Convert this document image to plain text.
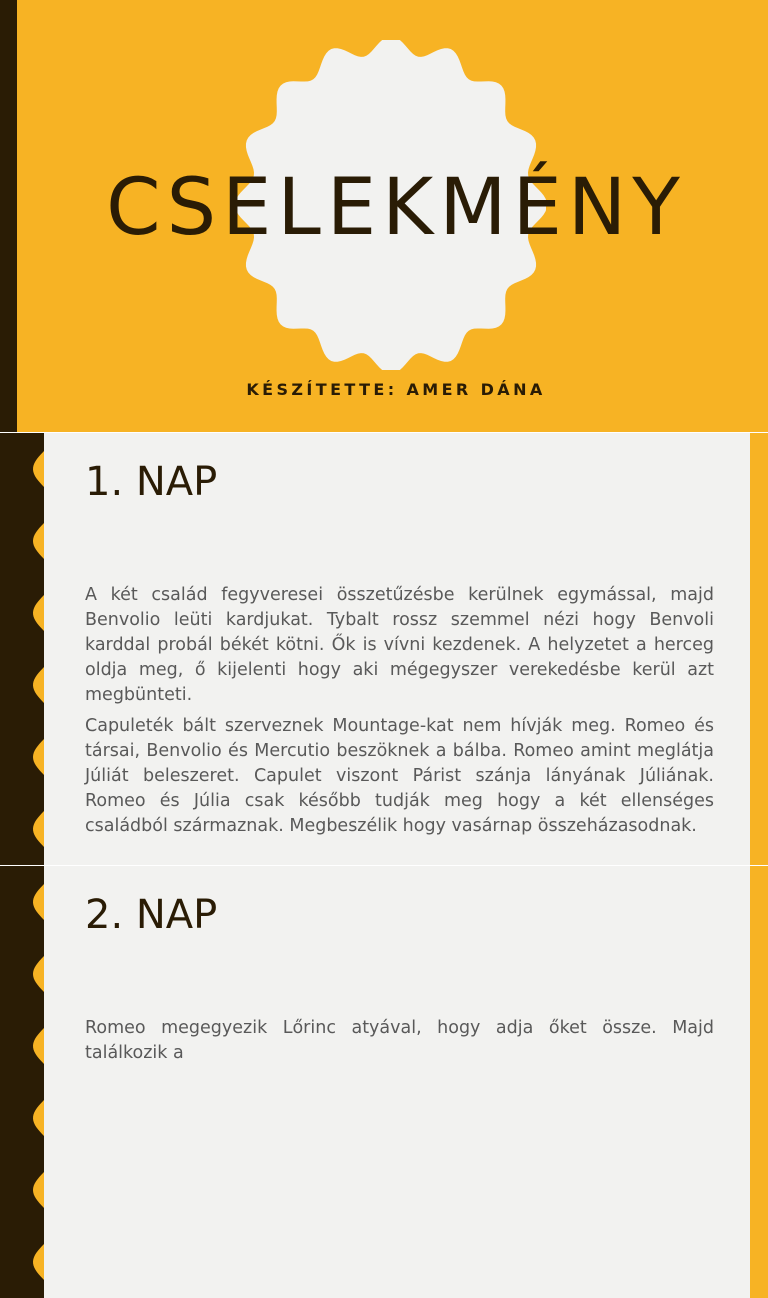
CSELEKMÉNY
KÉSZÍTETTE: AMER DÁNA
1. NAP

A két család fegyveresei összetűzésbe kerülnek egymással, majd Benvolio leüti kardjukat. Tybalt rossz szemmel nézi hogy Benvoli karddal probál békét kötni. Ők is vívni kezdenek. A helyzetet a herceg oldja meg, ő kijelenti hogy aki mégegyszer verekedésbe kerül azt megbünteti.

Capuleték bált szerveznek Mountage-kat nem hívják meg. Romeo és társai, Benvolio és Mercutio beszöknek a bálba. Romeo amint meglátja Júliát beleszeret. Capulet viszont Párist szánja lányának Júliának. Romeo és Júlia csak később tudják meg hogy a két ellenséges családból származnak. Megbeszélik hogy vasárnap összeházasodnak.

2. NAP

Romeo megegyezik Lőrinc atyával, hogy adja őket össze. Majd találkozik a
